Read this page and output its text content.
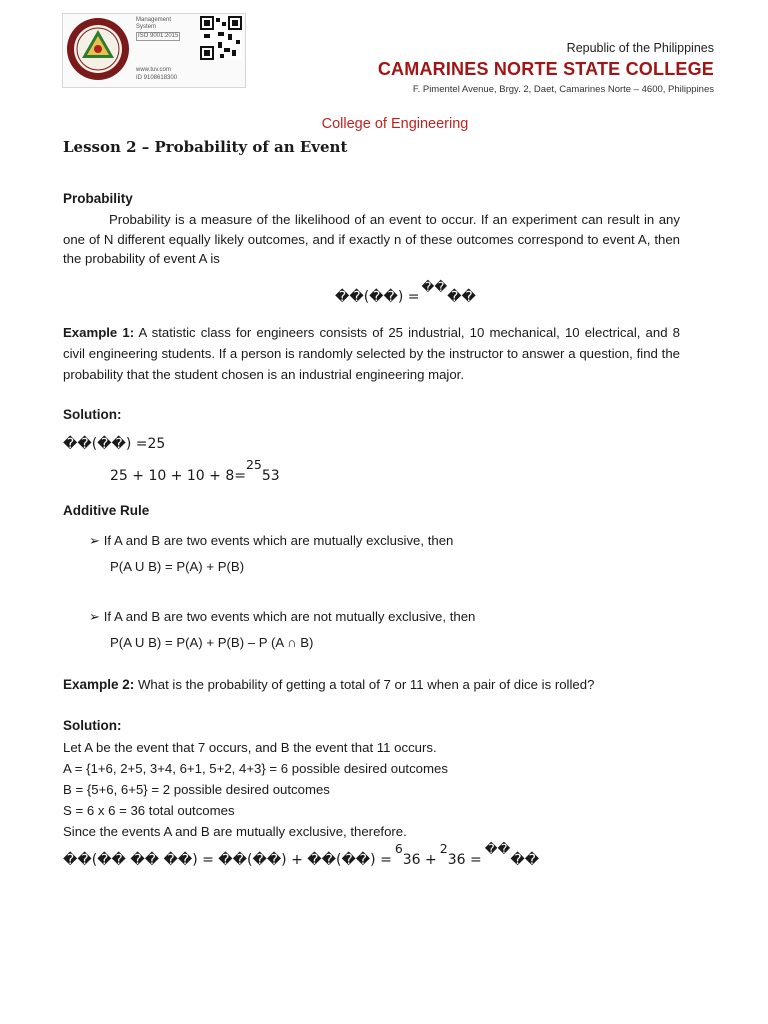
Management
System
ISO 9001:2015
www.tuv.com
ID 9108618300
Republic of the Philippines
CAMARINES NORTE STATE COLLEGE
F. Pimentel Avenue, Brgy. 2, Daet, Camarines Norte – 4600, Philippines
College of Engineering
Lesson 2 – Probability of an Event
Probability
Probability is a measure of the likelihood of an event to occur. If an experiment can result in any one of N different equally likely outcomes, and if exactly n of these outcomes correspond to event A, then the probability of event A is
��(��) =����
Example 1: A statistic class for engineers consists of 25 industrial, 10 mechanical, 10 electrical, and 8 civil engineering students. If a person is randomly selected by the instructor to answer a question, find the probability that the student chosen is an industrial engineering major.
Solution:
��(��) =25
25 + 10 + 10 + 8=2553
Additive Rule
➢ If A and B are two events which are mutually exclusive, then
P(A U B) = P(A) + P(B)
➢ If A and B are two events which are not mutually exclusive, then
P(A U B) = P(A) + P(B) – P (A ∩ B)
Example 2: What is the probability of getting a total of 7 or 11 when a pair of dice is rolled?
Solution:
Let A be the event that 7 occurs, and B the event that 11 occurs.
A = {1+6, 2+5, 3+4, 6+1, 5+2, 4+3} = 6 possible desired outcomes
B = {5+6, 6+5} = 2 possible desired outcomes
S = 6 x 6 = 36 total outcomes
Since the events A and B are mutually exclusive, therefore.
��(�� �� ��) = ��(��) + ��(��) =636 +236 =����
